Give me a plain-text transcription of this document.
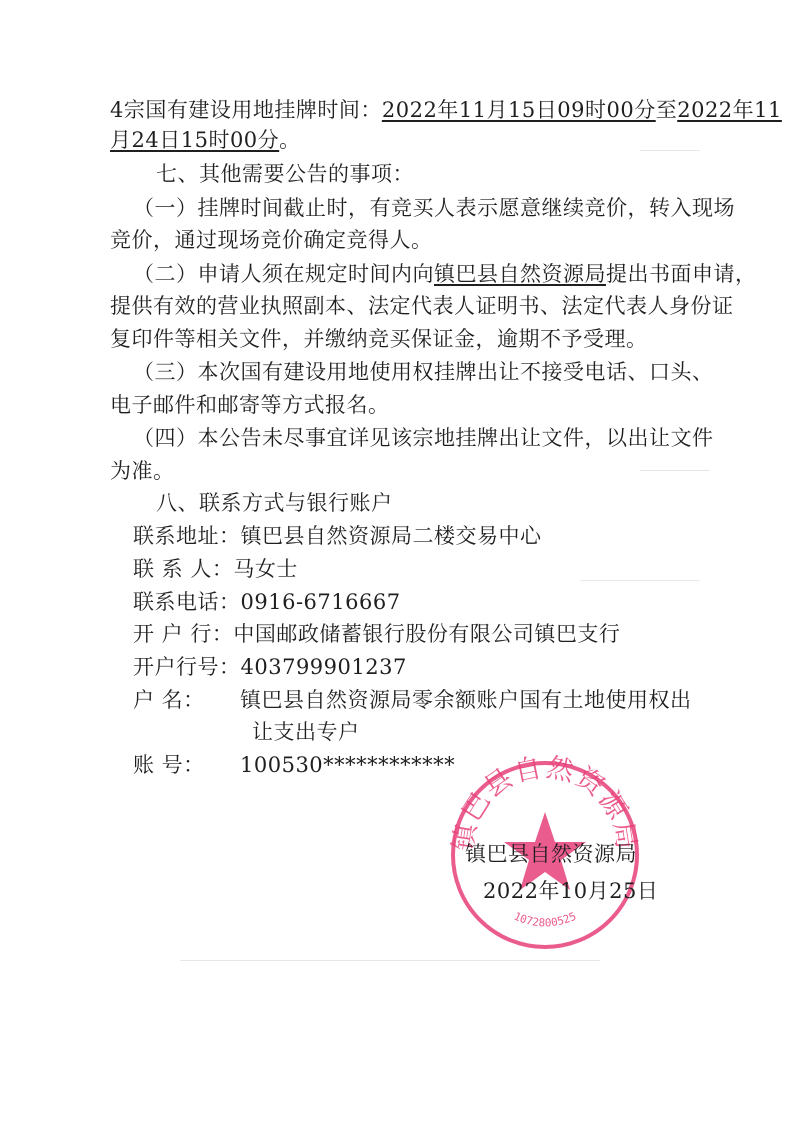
4宗国有建设用地挂牌时间：2022年11月15日09时00分至2022年11
月24日15时00分。
七、其他需要公告的事项：
（一）挂牌时间截止时，有竞买人表示愿意继续竞价，转入现场
竞价，通过现场竞价确定竞得人。
（二）申请人须在规定时间内向镇巴县自然资源局提出书面申请，
提供有效的营业执照副本、法定代表人证明书、法定代表人身份证
复印件等相关文件，并缴纳竞买保证金，逾期不予受理。
（三）本次国有建设用地使用权挂牌出让不接受电话、口头、
电子邮件和邮寄等方式报名。
（四）本公告未尽事宜详见该宗地挂牌出让文件，以出让文件
为准。
八、联系方式与银行账户
联系地址：镇巴县自然资源局二楼交易中心
联 系 人：马女士
联系电话：0916-6716667
开 户 行：中国邮政储蓄银行股份有限公司镇巴支行
开户行号：403799901237
户 名： 镇巴县自然资源局零余额账户国有土地使用权出
让支出专户
账 号： 100530************
镇巴县自然资源局
1072800525
镇巴县自然资源局
2022年10月25日
